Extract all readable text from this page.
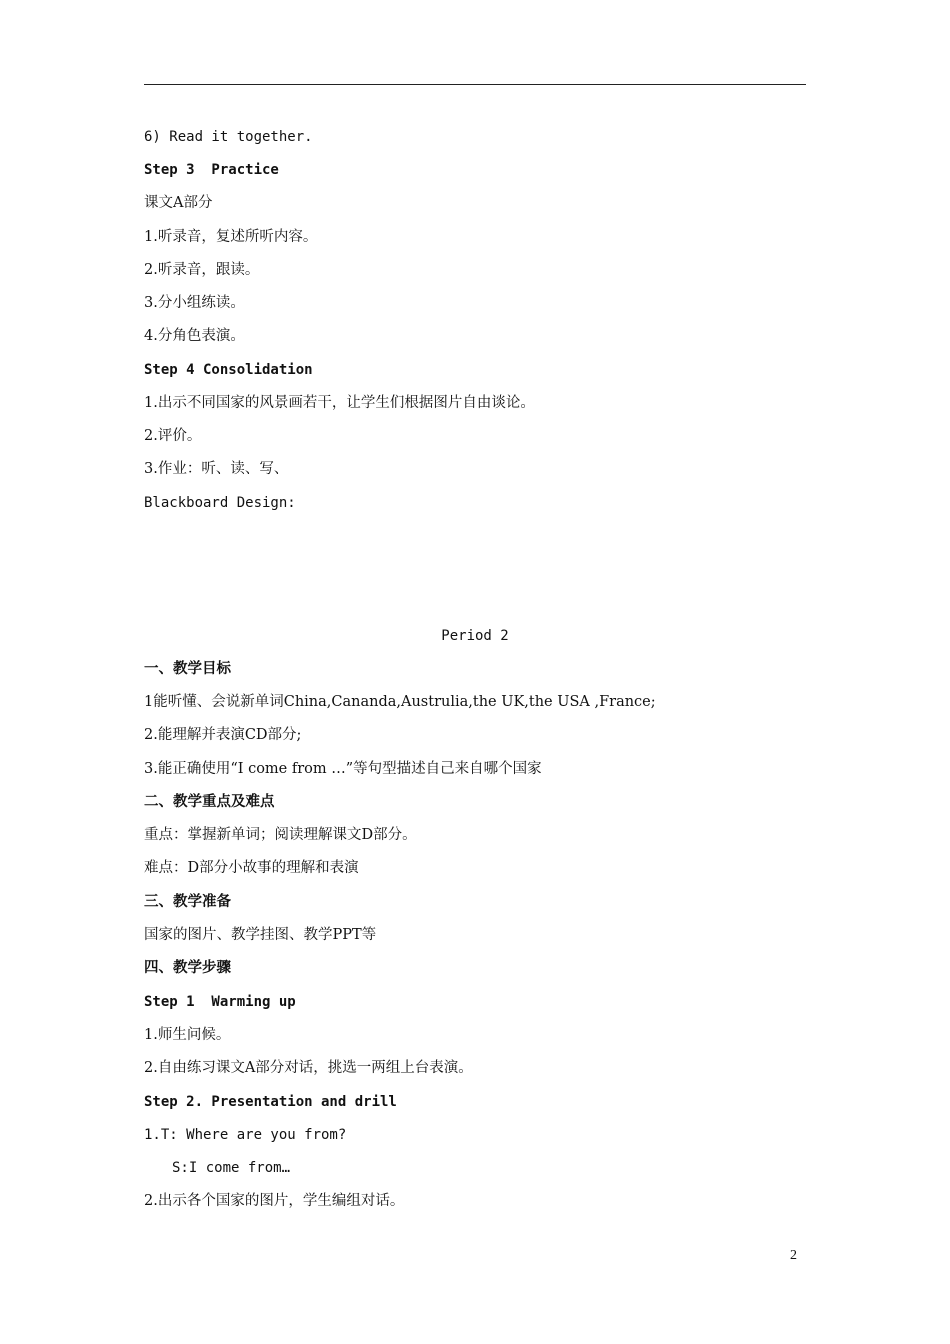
6) Read it together.
Step 3  Practice
课文A部分
1.听录音，复述所听内容。
2.听录音，跟读。
3.分小组练读。
4.分角色表演。
Step 4 Consolidation
1.出示不同国家的风景画若干，让学生们根据图片自由谈论。
2.评价。
3.作业：听、读、写、
Blackboard Design:
Period 2
一、教学目标
1能听懂、会说新单词China,Cananda,Austrulia,the UK,the USA ,France;
2.能理解并表演CD部分;
3.能正确使用“I come from …”等句型描述自己来自哪个国家
二、教学重点及难点
重点：掌握新单词；阅读理解课文D部分。
难点：D部分小故事的理解和表演
三、教学准备
国家的图片、教学挂图、教学PPT等
四、教学步骤
Step 1  Warming up
1.师生问候。
2.自由练习课文A部分对话，挑选一两组上台表演。
Step 2. Presentation and drill
1.T: Where are you from?
S:I come from…
2.出示各个国家的图片，学生编组对话。
2
